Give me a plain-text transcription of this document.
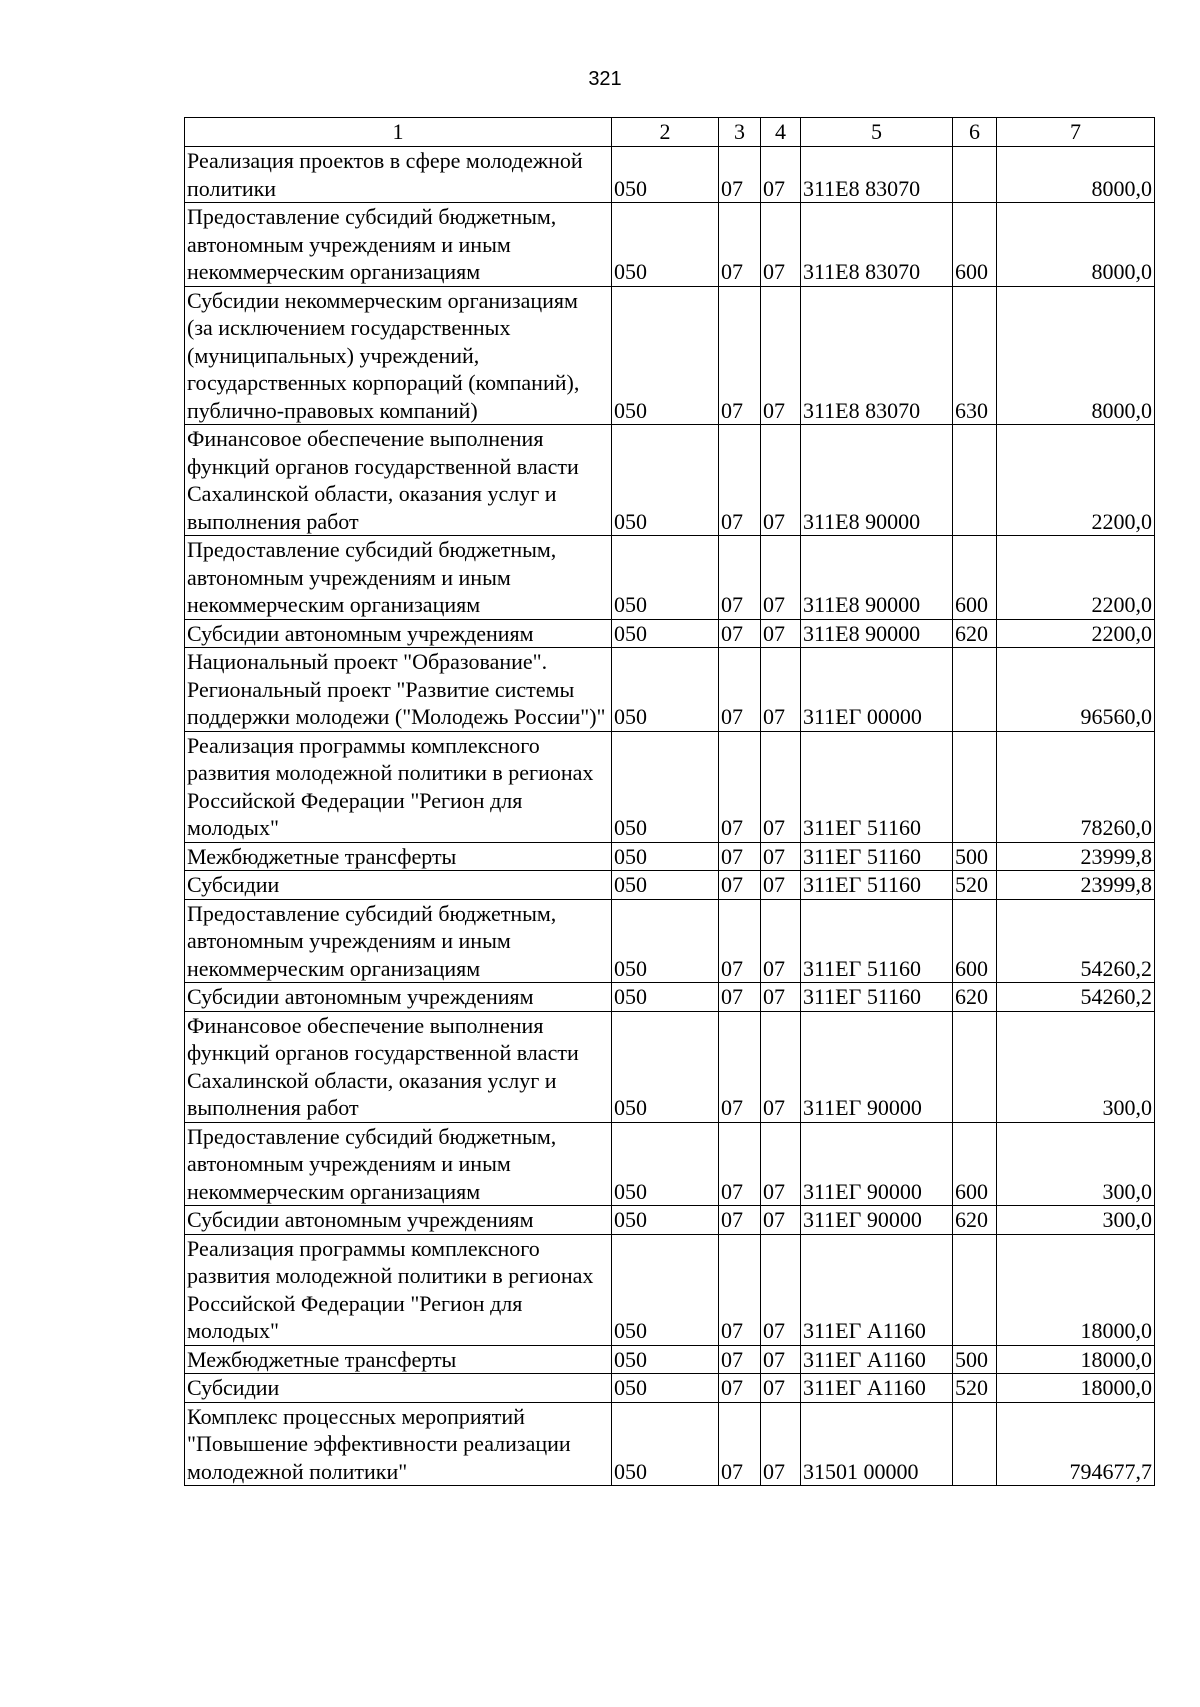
321
1	2	3	4	5	6	7
Реализация проектов в сфере молодежной политики	050	07	07	311Е8 83070		8000,0
Предоставление субсидий бюджетным, автономным учреждениям и иным некоммерческим организациям	050	07	07	311Е8 83070	600	8000,0
Субсидии некоммерческим организациям (за исключением государственных (муниципальных) учреждений, государственных корпораций (компаний), публично-правовых компаний)	050	07	07	311Е8 83070	630	8000,0
Финансовое обеспечение выполнения функций органов государственной власти Сахалинской области, оказания услуг и выполнения работ	050	07	07	311Е8 90000		2200,0
Предоставление субсидий бюджетным, автономным учреждениям и иным некоммерческим организациям	050	07	07	311Е8 90000	600	2200,0
Субсидии автономным учреждениям	050	07	07	311Е8 90000	620	2200,0
Национальный проект "Образование". Региональный проект "Развитие системы поддержки молодежи ("Молодежь России")"	050	07	07	311ЕГ 00000		96560,0
Реализация программы комплексного развития молодежной политики в регионах Российской Федерации "Регион для молодых"	050	07	07	311ЕГ 51160		78260,0
Межбюджетные трансферты	050	07	07	311ЕГ 51160	500	23999,8
Субсидии	050	07	07	311ЕГ 51160	520	23999,8
Предоставление субсидий бюджетным, автономным учреждениям и иным некоммерческим организациям	050	07	07	311ЕГ 51160	600	54260,2
Субсидии автономным учреждениям	050	07	07	311ЕГ 51160	620	54260,2
Финансовое обеспечение выполнения функций органов государственной власти Сахалинской области, оказания услуг и выполнения работ	050	07	07	311ЕГ 90000		300,0
Предоставление субсидий бюджетным, автономным учреждениям и иным некоммерческим организациям	050	07	07	311ЕГ 90000	600	300,0
Субсидии автономным учреждениям	050	07	07	311ЕГ 90000	620	300,0
Реализация программы комплексного развития молодежной политики в регионах Российской Федерации "Регион для молодых"	050	07	07	311ЕГ А1160		18000,0
Межбюджетные трансферты	050	07	07	311ЕГ А1160	500	18000,0
Субсидии	050	07	07	311ЕГ А1160	520	18000,0
Комплекс процессных мероприятий "Повышение эффективности реализации молодежной политики"	050	07	07	31501 00000		794677,7
